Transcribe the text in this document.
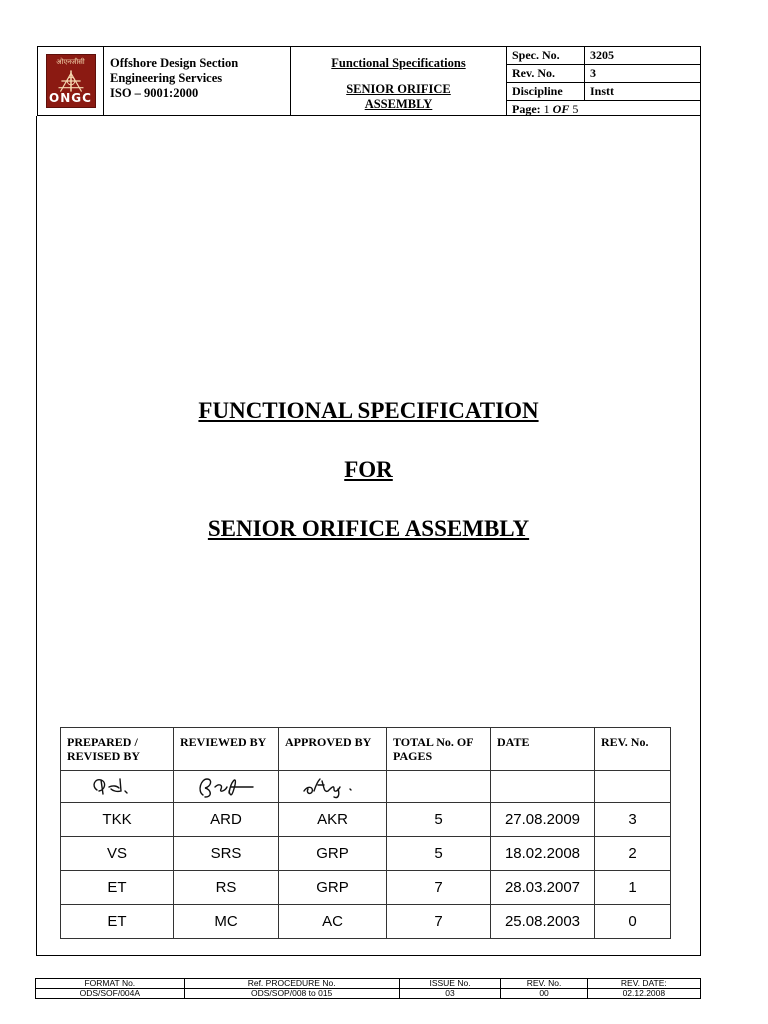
ओएनजीसी
ONGC
Offshore Design Section
Engineering Services
ISO – 9001:2000
Functional Specifications
SENIOR ORIFICE
ASSEMBLY
Spec. No.	3205
Rev. No.	3
Discipline	Instt
Page: 1 OF 5	
FUNCTIONAL SPECIFICATION
FOR
SENIOR ORIFICE ASSEMBLY
PREPARED / REVISED BY	REVIEWED BY	APPROVED BY	TOTAL No. OF PAGES	DATE	REV. No.

TKK	ARD	AKR	5	27.08.2009	3
VS	SRS	GRP	5	18.02.2008	2
ET	RS	GRP	7	28.03.2007	1
ET	MC	AC	7	25.08.2003	0
FORMAT No.	Ref. PROCEDURE No.	ISSUE No.	REV. No.	REV. DATE:
ODS/SOF/004A	ODS/SOP/008 to 015	03	00	02.12.2008
